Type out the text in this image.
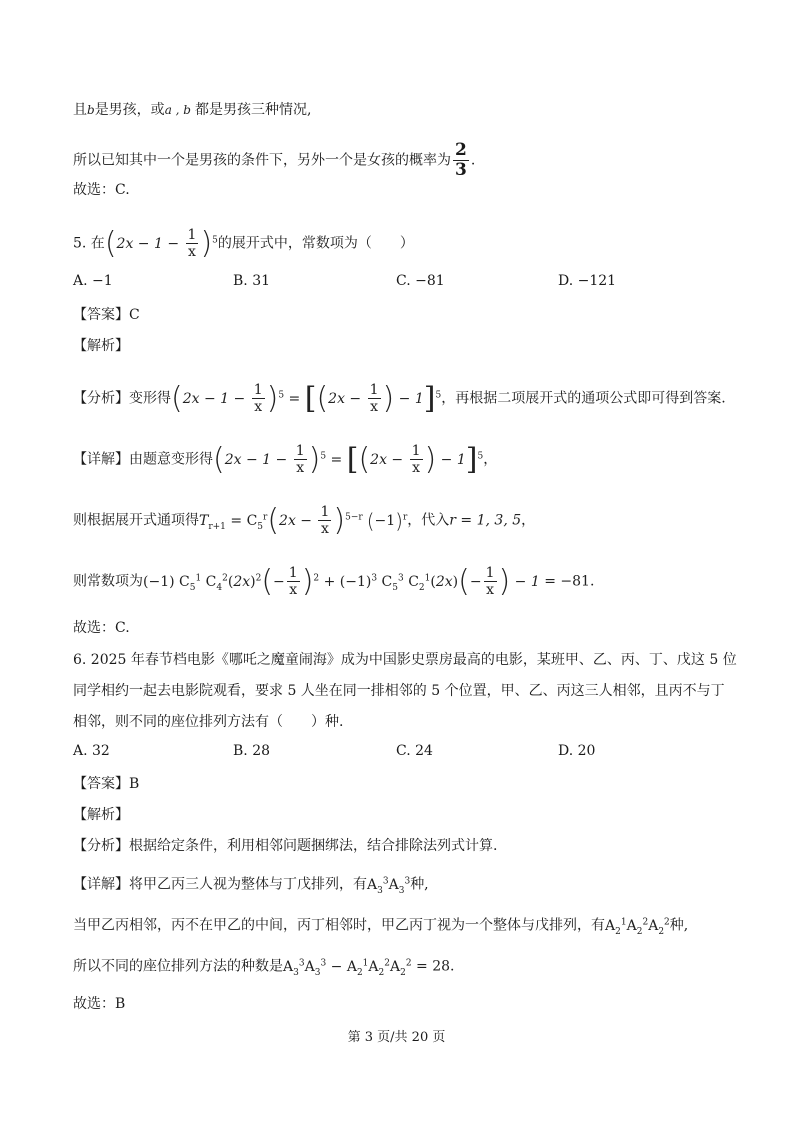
且b是男孩，或a , b 都是男孩三种情况,
所以已知其中一个是男孩的条件下，另外一个是女孩的概率为 $\frac{2}{3}$ .
故选：C.
5. 在$(2x - 1 - \frac{1}{x} )^5$的展开式中，常数项为（　　）
A. −1	B. 31	C. −81	D. −121
【答案】C
【解析】
【分析】变形得$(2x - 1 - \frac{1}{x} )^5 = [(2x - \frac{1}{x}$ ) − 1]$^5$，再根据二项展开式的通项公式即可得到答案.
【详解】由题意变形得$(2x - 1 - \frac{1}{x} )^5 = [(2x - \frac{1}{x}$ ) − 1]$^5$，
则根据展开式通项得$T_{r+1} = C_5^r(2x - \frac{1}{x} )^{5-r}$ $(-1)^r$，代入r = 1, 3, 5，
则常数项为(−1) $C_5^1$ $C_4^2(2x)^2(- \frac{1}{x} )^2 + (-1)^3$ $C_5^3$ $C_2^1(2x)(- \frac{1}{x}$ ) − 1 = −81.
故选：C.
6. 2025 年春节档电影《哪吒之魔童闹海》成为中国影史票房最高的电影，某班甲、乙、丙、丁、戊这 5 位
同学相约一起去电影院观看，要求 5 人坐在同一排相邻的 5 个位置，甲、乙、丙这三人相邻，且丙不与丁
相邻，则不同的座位排列方法有（　　）种.
A. 32	B. 28	C. 24	D. 20
【答案】B
【解析】
【分析】根据给定条件，利用相邻问题捆绑法，结合排除法列式计算.
【详解】将甲乙丙三人视为整体与丁戊排列，有$A_3^3A_3^3$种,
当甲乙丙相邻，丙不在甲乙的中间，丙丁相邻时，甲乙丙丁视为一个整体与戊排列，有$A_2^1A_2^2A_2^2$种,
所以不同的座位排列方法的种数是$A_3^3A_3^3 - A_2^1A_2^2A_2^2 = 28$.
故选：B
第 3 页/共 20 页
